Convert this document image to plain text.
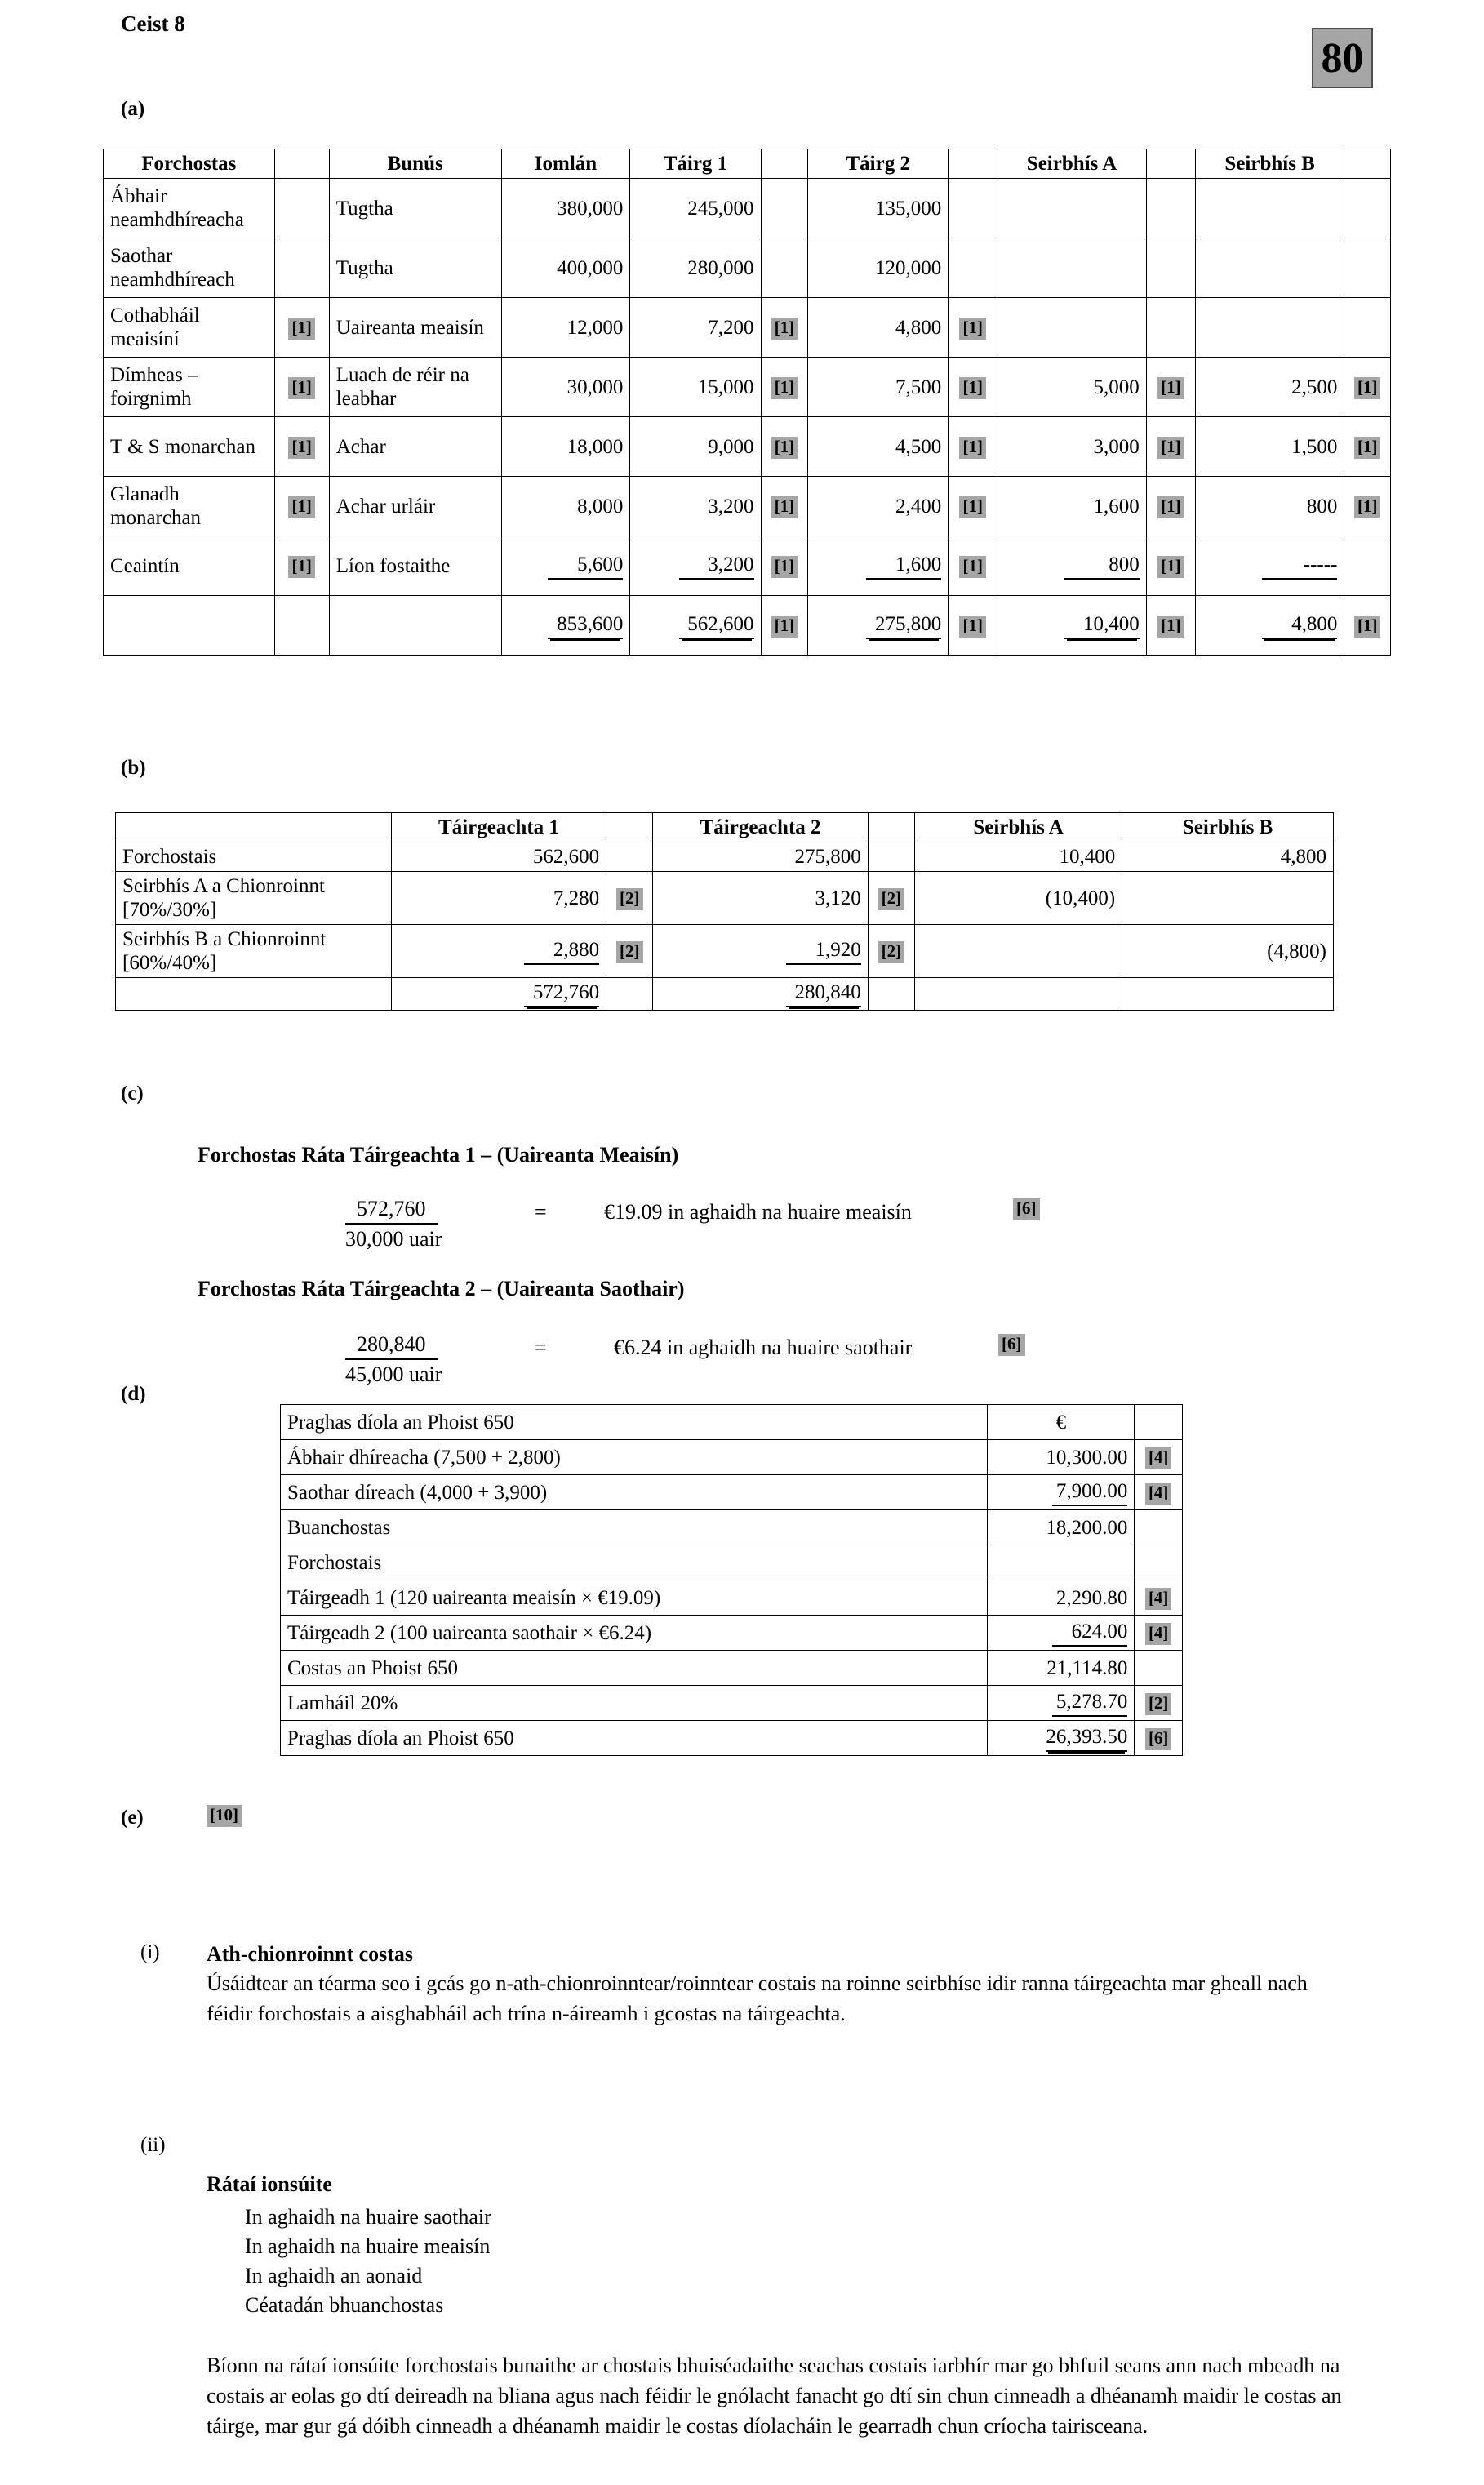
Ceist 8
80
(a)
Forchostas		Bunús	Iomlán	Táirg 1		Táirg 2		Seirbhís A		Seirbhís B	
Ábhair neamhdhíreacha		Tugtha	380,000	245,000		135,000					
Saothar neamhdhíreach		Tugtha	400,000	280,000		120,000					
Cothabháil meaisíní	[1]	Uaireanta meaisín	12,000	7,200	[1]	4,800	[1]				
Dímheas – foirgnimh	[1]	Luach de réir na leabhar	30,000	15,000	[1]	7,500	[1]	5,000	[1]	2,500	[1]
T & S monarchan	[1]	Achar	18,000	9,000	[1]	4,500	[1]	3,000	[1]	1,500	[1]
Glanadh monarchan	[1]	Achar urláir	8,000	3,200	[1]	2,400	[1]	1,600	[1]	800	[1]
Ceaintín	[1]	Líon fostaithe	5,600	3,200	[1]	1,600	[1]	800	[1]	-----	
			853,600	562,600	[1]	275,800	[1]	10,400	[1]	4,800	[1]
(b)
	Táirgeachta 1		Táirgeachta 2		Seirbhís A	Seirbhís B
Forchostais	562,600		275,800		10,400	4,800
Seirbhís A a Chionroinnt [70%/30%]	7,280	[2]	3,120	[2]	(10,400)	
Seirbhís B a Chionroinnt [60%/40%]	2,880	[2]	1,920	[2]		(4,800)
	572,760		280,840			
(c)
Forchostas Ráta Táirgeachta 1 – (Uaireanta Meaisín)
572,760
30,000 uair
=	€19.09 in aghaidh na huaire meaisín	[6]
Forchostas Ráta Táirgeachta 2 – (Uaireanta Saothair)
280,840
45,000 uair
=	€6.24 in aghaidh na huaire saothair	[6]
(d)
Praghas díola an Phoist 650	€	
Ábhair dhíreacha (7,500 + 2,800)	10,300.00	[4]
Saothar díreach (4,000 + 3,900)	7,900.00	[4]
Buanchostas	18,200.00	
Forchostais		
Táirgeadh 1 (120 uaireanta meaisín × €19.09)	2,290.80	[4]
Táirgeadh 2 (100 uaireanta saothair × €6.24)	624.00	[4]
Costas an Phoist 650	21,114.80	
Lamháil 20%	5,278.70	[2]
Praghas díola an Phoist 650	26,393.50	[6]
(e)	[10]
(i) Ath-chionroinnt costas
Úsáidtear an téarma seo i gcás go n-ath-chionroinntear/roinntear costais na roinne seirbhíse idir ranna táirgeachta mar gheall nach féidir forchostais a aisghabháil ach trína n-áireamh i gcostas na táirgeachta.
(ii)
Rátaí ionsúite
In aghaidh na huaire saothair
In aghaidh na huaire meaisín
In aghaidh an aonaid
Céatadán bhuanchostas
Bíonn na rátaí ionsúite forchostais bunaithe ar chostais bhuiséadaithe seachas costais iarbhír mar go bhfuil seans ann nach mbeadh na costais ar eolas go dtí deireadh na bliana agus nach féidir le gnólacht fanacht go dtí sin chun cinneadh a dhéanamh maidir le costas an táirge, mar gur gá dóibh cinneadh a dhéanamh maidir le costas díolacháin le gearradh chun críocha tairisceana.
